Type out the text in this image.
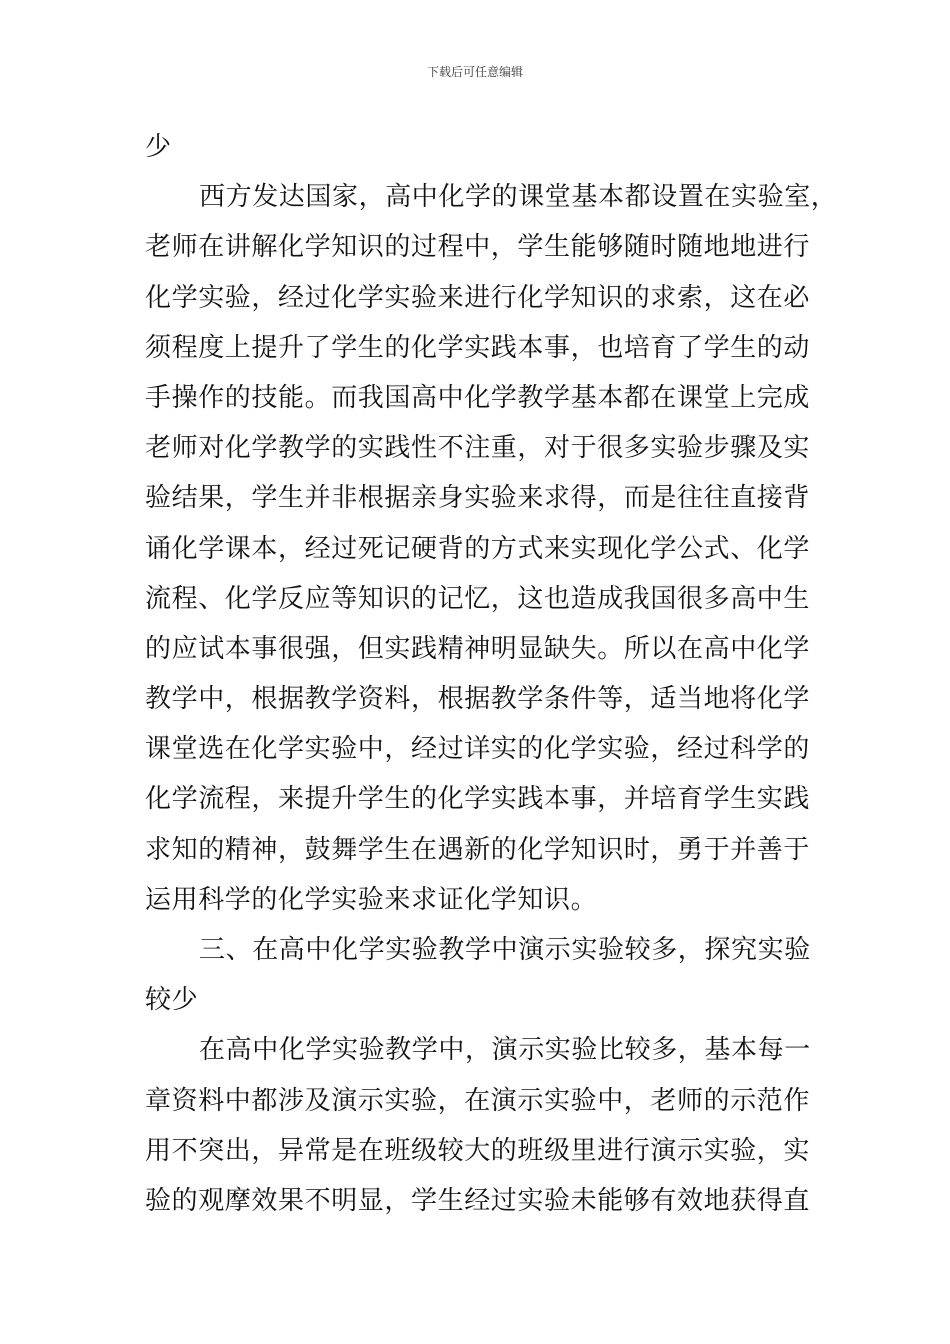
下载后可任意编辑
少
西方发达国家，高中化学的课堂基本都设置在实验室，
老师在讲解化学知识的过程中，学生能够随时随地地进行
化学实验，经过化学实验来进行化学知识的求索，这在必
须程度上提升了学生的化学实践本事，也培育了学生的动
手操作的技能。而我国高中化学教学基本都在课堂上完成
老师对化学教学的实践性不注重，对于很多实验步骤及实
验结果，学生并非根据亲身实验来求得，而是往往直接背
诵化学课本，经过死记硬背的方式来实现化学公式、化学
流程、化学反应等知识的记忆，这也造成我国很多高中生
的应试本事很强，但实践精神明显缺失。所以在高中化学
教学中，根据教学资料，根据教学条件等，适当地将化学
课堂选在化学实验中，经过详实的化学实验，经过科学的
化学流程，来提升学生的化学实践本事，并培育学生实践
求知的精神，鼓舞学生在遇新的化学知识时，勇于并善于
运用科学的化学实验来求证化学知识。
三、在高中化学实验教学中演示实验较多，探究实验
较少
在高中化学实验教学中，演示实验比较多，基本每一
章资料中都涉及演示实验，在演示实验中，老师的示范作
用不突出，异常是在班级较大的班级里进行演示实验，实
验的观摩效果不明显，学生经过实验未能够有效地获得直
